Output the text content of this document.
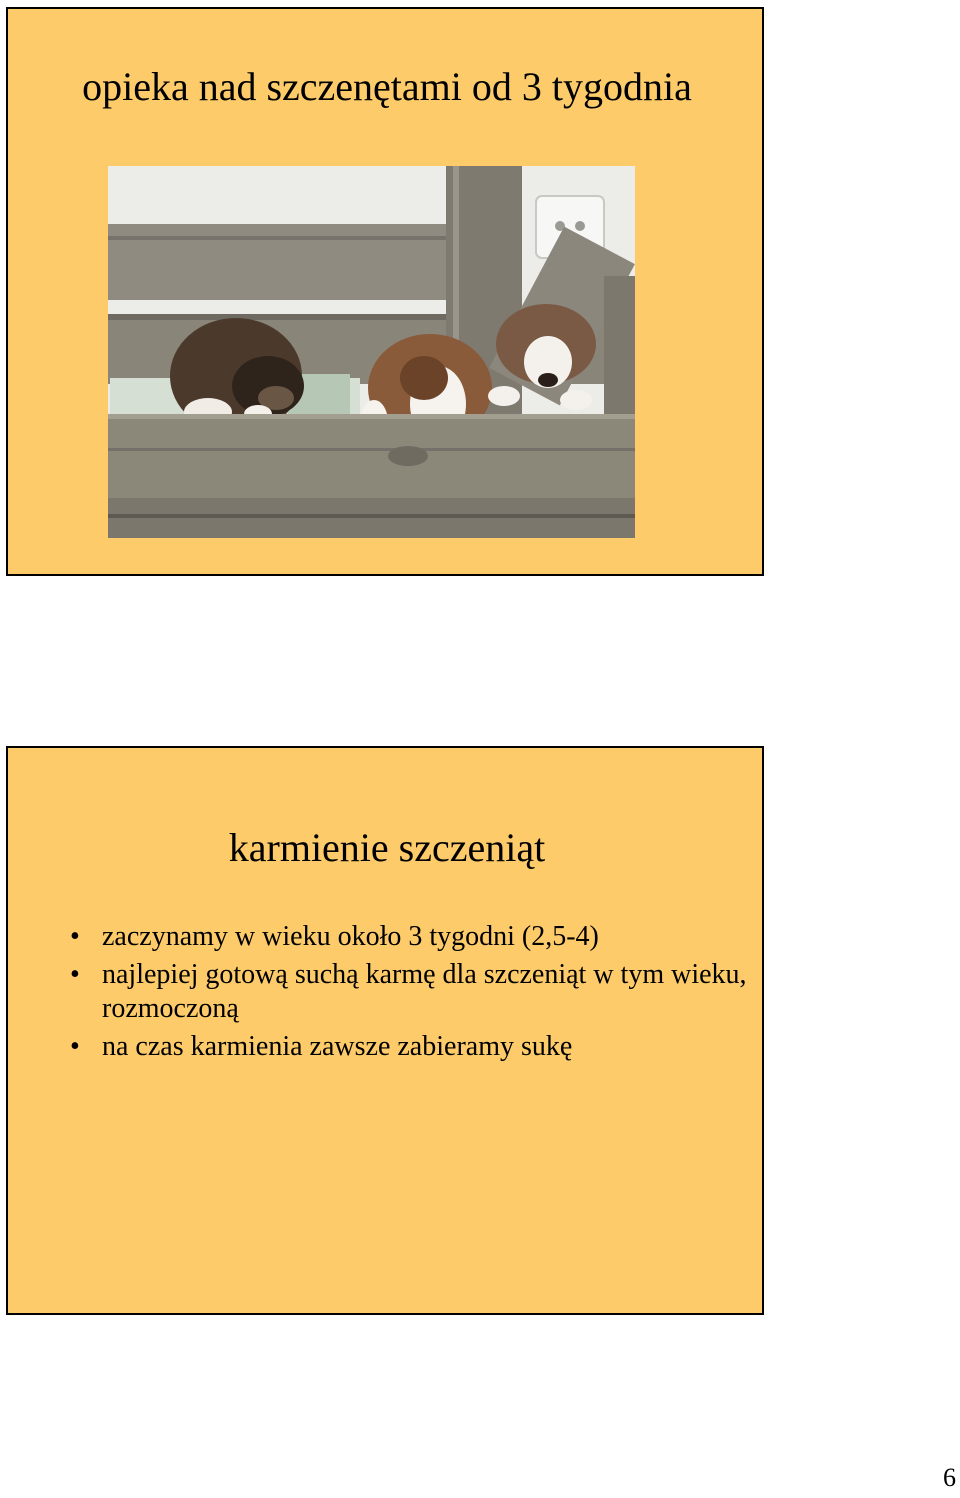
opieka nad szczenętami od 3 tygodnia
karmienie szczeniąt
• zaczynamy w wieku około 3 tygodni (2,5-4)
• najlepiej gotową suchą karmę dla szczeniąt w tym wieku, rozmoczoną
• na czas karmienia zawsze zabieramy sukę
6
